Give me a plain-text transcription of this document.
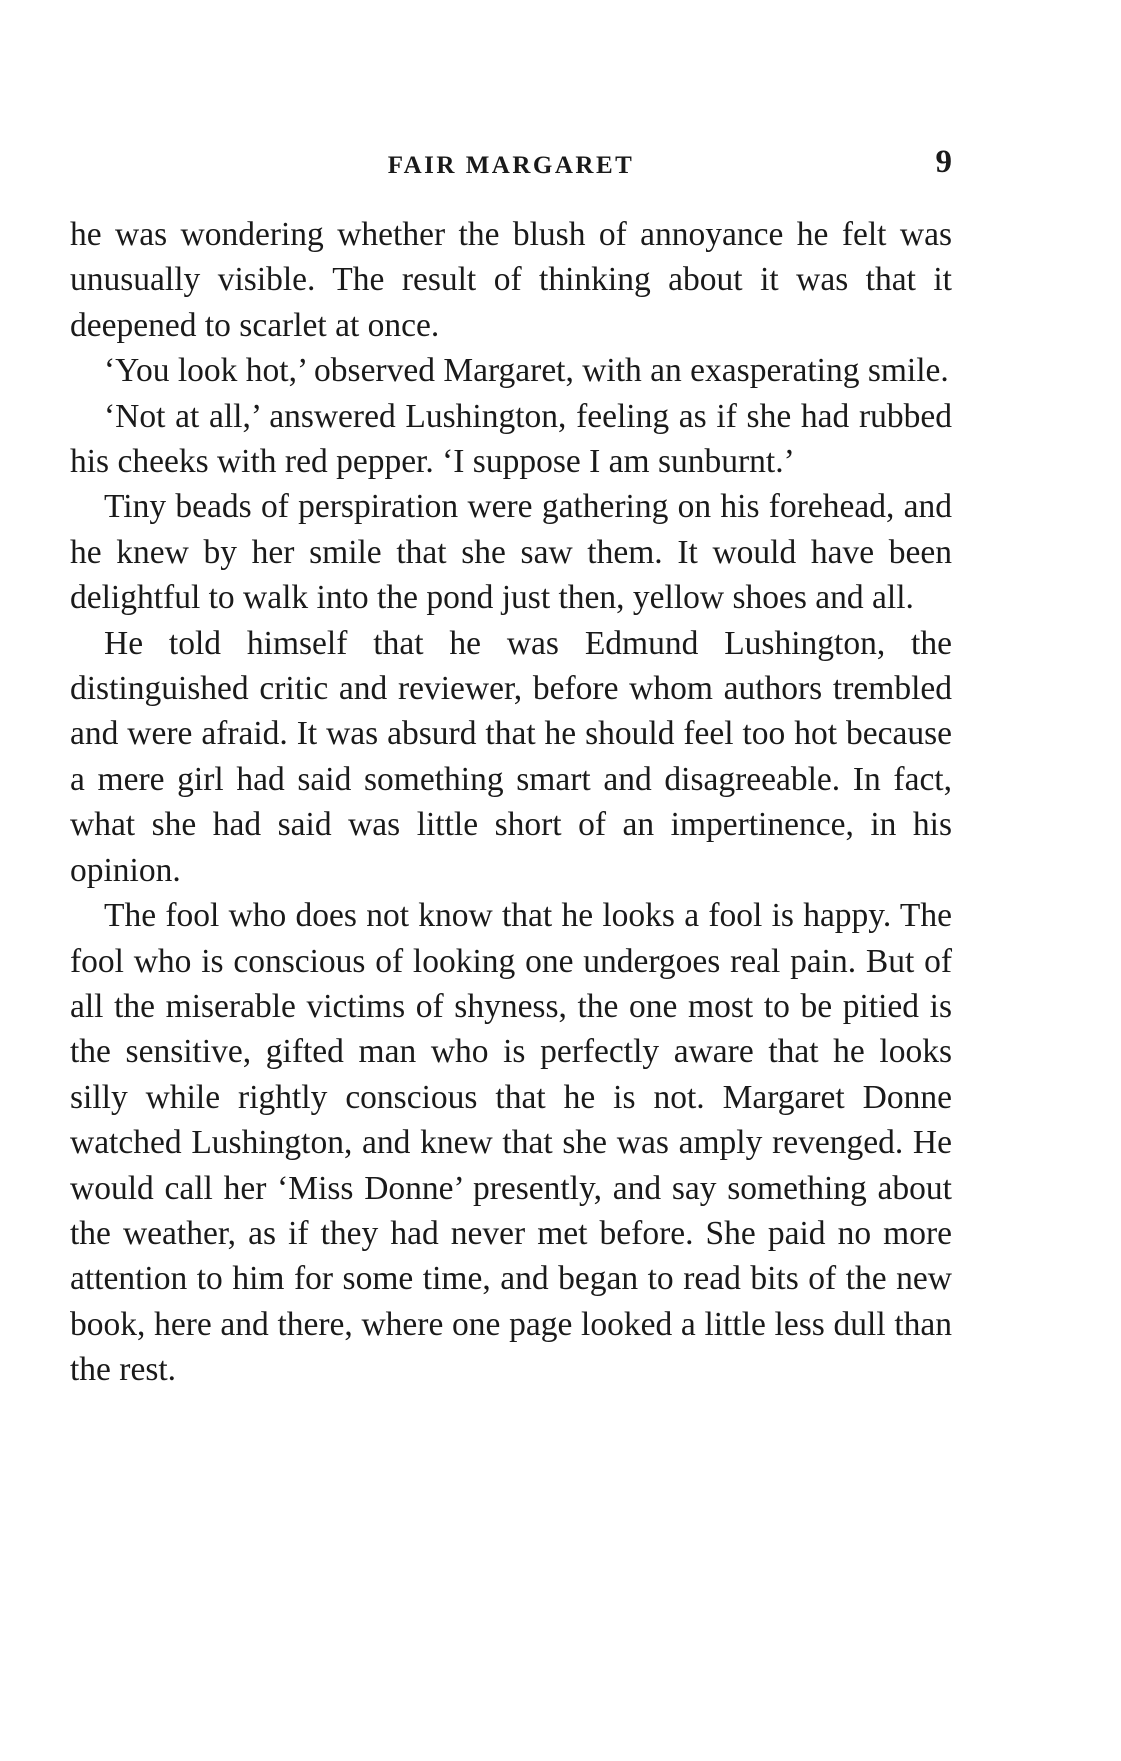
FAIR MARGARET	9

he was wondering whether the blush of annoyance he felt was unusually visible. The result of thinking about it was that it deepened to scarlet at once.

‘You look hot,’ observed Margaret, with an exasperating smile.

‘Not at all,’ answered Lushington, feeling as if she had rubbed his cheeks with red pepper. ‘I suppose I am sunburnt.’

Tiny beads of perspiration were gathering on his forehead, and he knew by her smile that she saw them. It would have been delightful to walk into the pond just then, yellow shoes and all.

He told himself that he was Edmund Lushington, the distinguished critic and reviewer, before whom authors trembled and were afraid. It was absurd that he should feel too hot because a mere girl had said something smart and disagreeable. In fact, what she had said was little short of an impertinence, in his opinion.

The fool who does not know that he looks a fool is happy. The fool who is conscious of looking one undergoes real pain. But of all the miserable victims of shyness, the one most to be pitied is the sensitive, gifted man who is perfectly aware that he looks silly while rightly conscious that he is not. Margaret Donne watched Lushington, and knew that she was amply revenged. He would call her ‘Miss Donne’ presently, and say something about the weather, as if they had never met before. She paid no more attention to him for some time, and began to read bits of the new book, here and there, where one page looked a little less dull than the rest.
